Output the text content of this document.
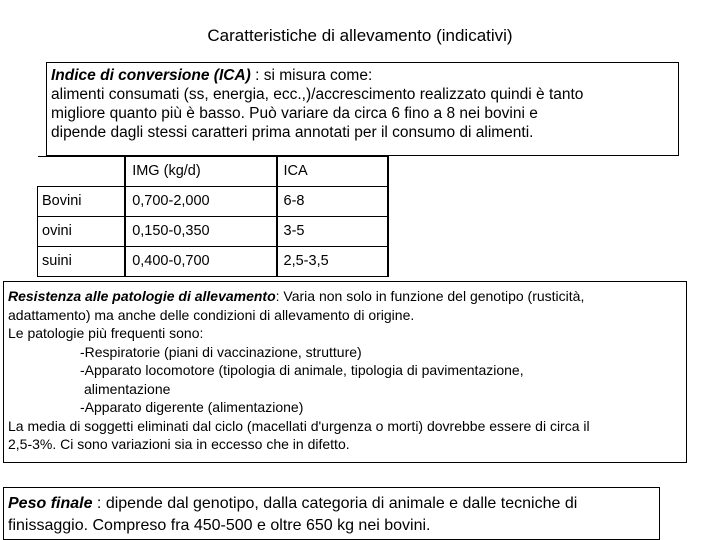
Caratteristiche di allevamento (indicativi)
Indice di conversione (ICA) : si misura come:
alimenti consumati (ss, energia, ecc.,)/accrescimento realizzato quindi è tanto
migliore quanto più è basso. Può variare da circa 6 fino a 8 nei bovini e
dipende dagli stessi caratteri prima annotati per il consumo di alimenti.
	IMG (kg/d)	ICA
Bovini	0,700-2,000	6-8
ovini	0,150-0,350	3-5
suini	0,400-0,700	2,5-3,5
Resistenza alle patologie di allevamento: Varia non solo in funzione del genotipo (rusticità,
adattamento) ma anche delle condizioni di allevamento di origine.
Le patologie più frequenti sono:
-Respiratorie (piani di vaccinazione, strutture)
-Apparato locomotore (tipologia di animale, tipologia di pavimentazione,
alimentazione
-Apparato digerente (alimentazione)
La media di soggetti eliminati dal ciclo (macellati d'urgenza o morti) dovrebbe essere di circa il
2,5-3%. Ci sono variazioni sia in eccesso che in difetto.
Peso finale : dipende dal genotipo, dalla categoria di animale e dalle tecniche di
finissaggio. Compreso fra 450-500 e oltre 650 kg nei bovini.
